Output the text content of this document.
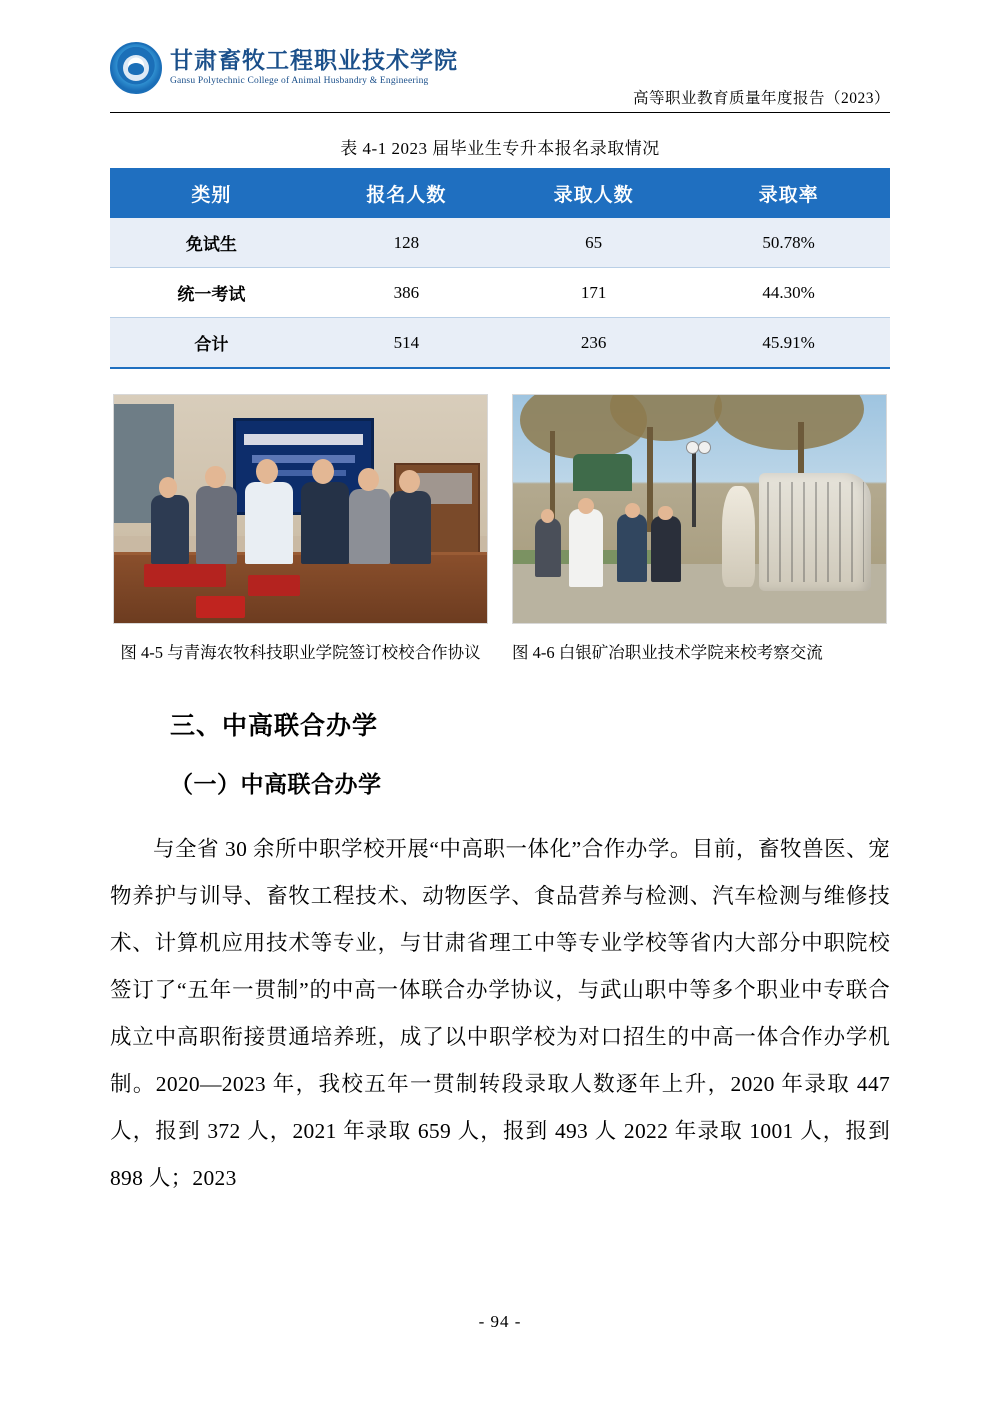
甘肃畜牧工程职业技术学院
Gansu Polytechnic College of Animal Husbandry & Engineering
高等职业教育质量年度报告（2023）
表 4-1 2023 届毕业生专升本报名录取情况
类别	报名人数	录取人数	录取率
免试生	128	65	50.78%
统一考试	386	171	44.30%
合计	514	236	45.91%
图 4-5 与青海农牧科技职业学院签订校校合作协议	图 4-6 白银矿冶职业技术学院来校考察交流
三、中高联合办学
（一）中高联合办学

与全省 30 余所中职学校开展“中高职一体化”合作办学。目前，畜牧兽医、宠物养护与训导、畜牧工程技术、动物医学、食品营养与检测、汽车检测与维修技术、计算机应用技术等专业，与甘肃省理工中等专业学校等省内大部分中职院校签订了“五年一贯制”的中高一体联合办学协议，与武山职中等多个职业中专联合成立中高职衔接贯通培养班，成了以中职学校为对口招生的中高一体合作办学机制。2020—2023 年，我校五年一贯制转段录取人数逐年上升，2020 年录取 447 人，报到 372 人，2021 年录取 659 人，报到 493 人 2022 年录取 1001 人，报到 898 人；2023

- 94 -
